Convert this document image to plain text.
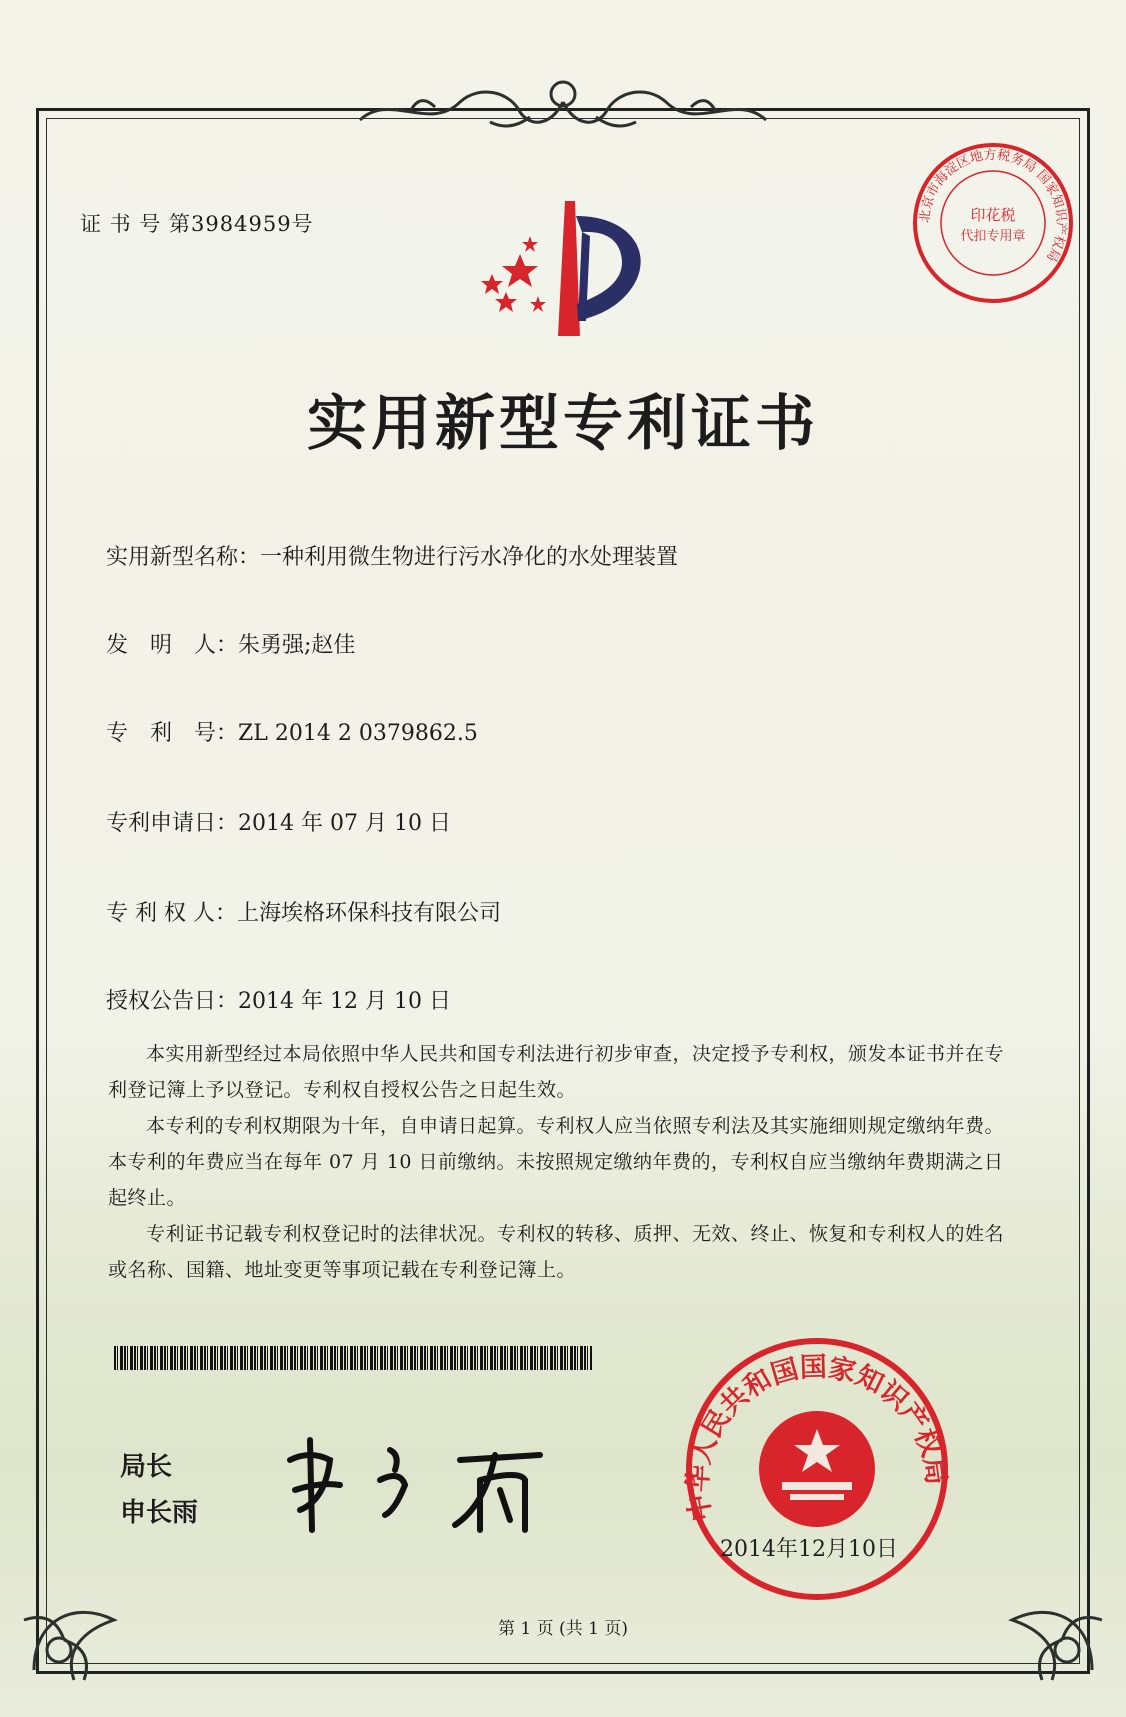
证 书 号 第3984959号	北京市海淀区地方税务局 国家知识产权局
印花税
代扣专用章
实用新型专利证书
实用新型名称：一种利用微生物进行污水净化的水处理装置
发　明　人：朱勇强;赵佳
专　利　号：ZL 2014 2 0379862.5
专利申请日：2014 年 07 月 10 日
专 利 权 人：上海埃格环保科技有限公司
授权公告日：2014 年 12 月 10 日

本实用新型经过本局依照中华人民共和国专利法进行初步审查，决定授予专利权，颁发本证书并在专利登记簿上予以登记。专利权自授权公告之日起生效。

本专利的专利权期限为十年，自申请日起算。专利权人应当依照专利法及其实施细则规定缴纳年费。本专利的年费应当在每年 07 月 10 日前缴纳。未按照规定缴纳年费的，专利权自应当缴纳年费期满之日起终止。

专利证书记载专利权登记时的法律状况。专利权的转移、质押、无效、终止、恢复和专利权人的姓名或名称、国籍、地址变更等事项记载在专利登记簿上。

局长
申长雨	中华人民共和国国家知识产权局
2014年12月10日
第 1 页 (共 1 页)
